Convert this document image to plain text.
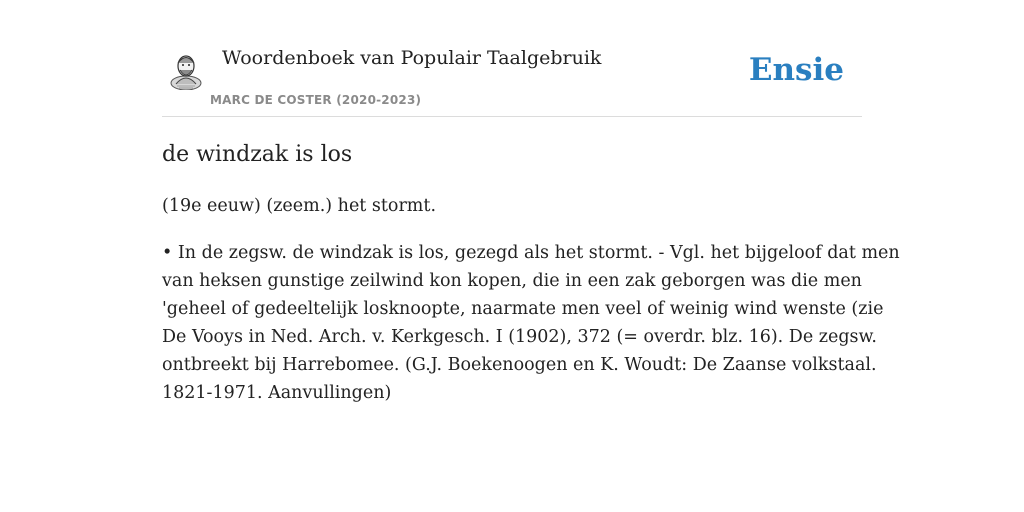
Woordenboek van Populair Taalgebruik
MARC DE COSTER (2020-2023)
Ensie
de windzak is los
(19e eeuw) (zeem.) het stormt.
• In de zegsw. de windzak is los, gezegd als het stormt. - Vgl. het bijgeloof dat men
van heksen gunstige zeilwind kon kopen, die in een zak geborgen was die men
'geheel of gedeeltelijk losknoopte, naarmate men veel of weinig wind wenste (zie
De Vooys in Ned. Arch. v. Kerkgesch. I (1902), 372 (= overdr. blz. 16). De zegsw.
ontbreekt bij Harrebomee. (G.J. Boekenoogen en K. Woudt: De Zaanse volkstaal.
1821-1971. Aanvullingen)
